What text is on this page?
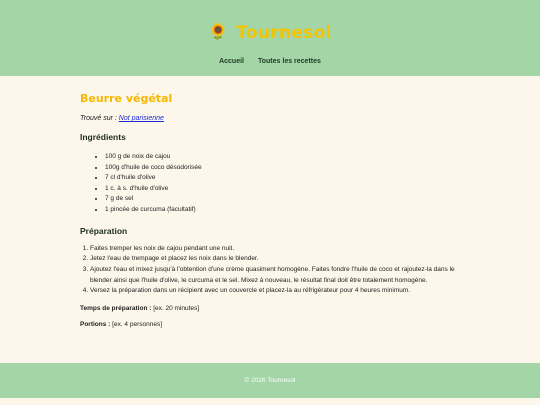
🌻 Tournesol
Accueil Toutes les recettes
Beurre végétal

Trouvé sur : Not parisienne

Ingrédients
• 100 g de noix de cajou
• 100g d'huile de coco désodorisée
• 7 cl d'huile d'olive
• 1 c. à s. d'huile d'olive
• 7 g de sel
• 1 pincée de curcuma (facultatif)
Préparation
1. Faites tremper les noix de cajou pendant une nuit.
2. Jetez l'eau de trempage et placez les noix dans le blender.
3. Ajoutez l'eau et mixez jusqu'à l'obtention d'une crème quasiment homogène. Faites fondre l'huile de coco et rajoutez-la dans le blender ainsi que l'huile d'olive, le curcuma et le sel. Mixez à nouveau, le résultat final doit être totalement homogène.
4. Versez la préparation dans un récipient avec un couvercle et placez-la au réfrigérateur pour 4 heures minimum.

Temps de préparation : [ex. 20 minutes]

Portions : [ex. 4 personnes]

© 2026 Tournesol
